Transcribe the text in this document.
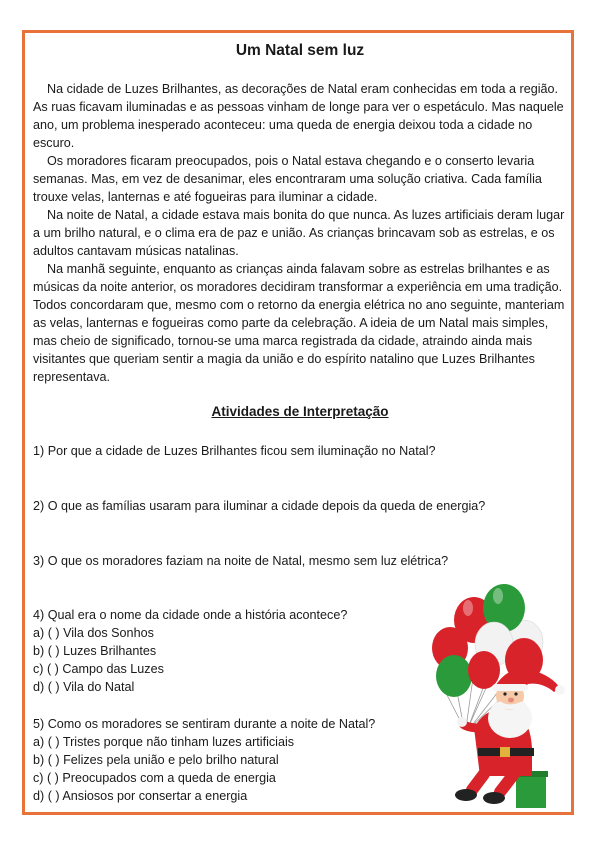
Um Natal sem luz

Na cidade de Luzes Brilhantes, as decorações de Natal eram conhecidas em toda a região. As ruas ficavam iluminadas e as pessoas vinham de longe para ver o espetáculo. Mas naquele ano, um problema inesperado aconteceu: uma queda de energia deixou toda a cidade no escuro.

Os moradores ficaram preocupados, pois o Natal estava chegando e o conserto levaria semanas. Mas, em vez de desanimar, eles encontraram uma solução criativa. Cada família trouxe velas, lanternas e até fogueiras para iluminar a cidade.

Na noite de Natal, a cidade estava mais bonita do que nunca. As luzes artificiais deram lugar a um brilho natural, e o clima era de paz e união. As crianças brincavam sob as estrelas, e os adultos cantavam músicas natalinas.

Na manhã seguinte, enquanto as crianças ainda falavam sobre as estrelas brilhantes e as músicas da noite anterior, os moradores decidiram transformar a experiência em uma tradição. Todos concordaram que, mesmo com o retorno da energia elétrica no ano seguinte, manteriam as velas, lanternas e fogueiras como parte da celebração. A ideia de um Natal mais simples, mas cheio de significado, tornou-se uma marca registrada da cidade, atraindo ainda mais visitantes que queriam sentir a magia da união e do espírito natalino que Luzes Brilhantes representava.

Atividades de Interpretação

1) Por que a cidade de Luzes Brilhantes ficou sem iluminação no Natal?

2) O que as famílias usaram para iluminar a cidade depois da queda de energia?

3) O que os moradores faziam na noite de Natal, mesmo sem luz elétrica?

4) Qual era o nome da cidade onde a história acontece?

a) ( ) Vila dos Sonhos
b) ( ) Luzes Brilhantes
c) ( ) Campo das Luzes
d) ( ) Vila do Natal

5) Como os moradores se sentiram durante a noite de Natal?

a) ( ) Tristes porque não tinham luzes artificiais
b) ( ) Felizes pela união e pelo brilho natural
c) ( ) Preocupados com a queda de energia
d) ( ) Ansiosos por consertar a energia
